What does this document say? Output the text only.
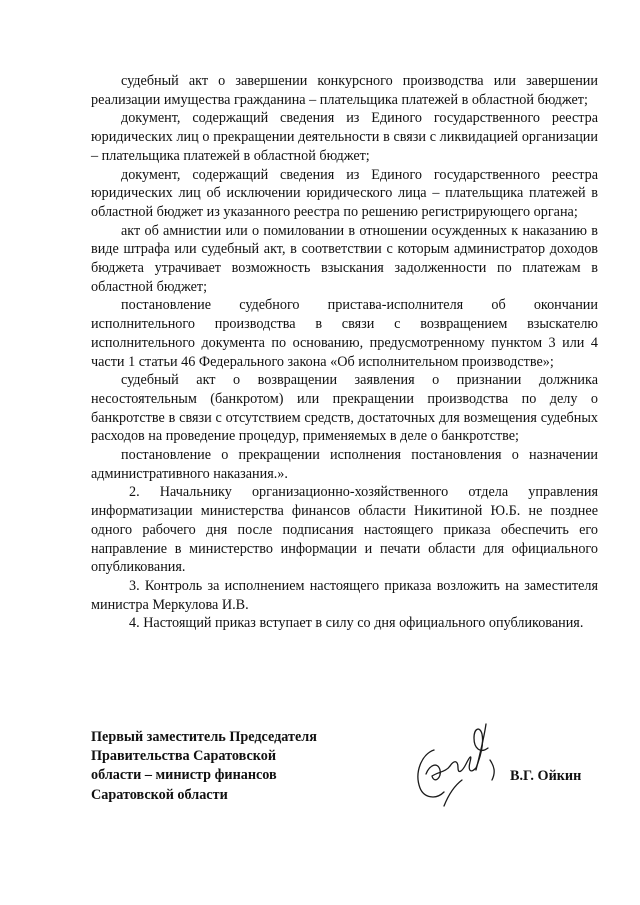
судебный акт о завершении конкурсного производства или завершении реализации имущества гражданина – плательщика платежей в областной бюджет;

документ, содержащий сведения из Единого государственного реестра юридических лиц о прекращении деятельности в связи с ликвидацией организации – плательщика платежей в областной бюджет;

документ, содержащий сведения из Единого государственного реестра юридических лиц об исключении юридического лица – плательщика платежей в областной бюджет из указанного реестра по решению регистрирующего органа;

акт об амнистии или о помиловании в отношении осужденных к наказанию в виде штрафа или судебный акт, в соответствии с которым администратор доходов бюджета утрачивает возможность взыскания задолженности по платежам в областной бюджет;

постановление судебного пристава-исполнителя об окончании исполнительного производства в связи с возвращением взыскателю исполнительного документа по основанию, предусмотренному пунктом 3 или 4 части 1 статьи 46 Федерального закона «Об исполнительном производстве»;

судебный акт о возвращении заявления о признании должника несостоятельным (банкротом) или прекращении производства по делу о банкротстве в связи с отсутствием средств, достаточных для возмещения судебных расходов на проведение процедур, применяемых в деле о банкротстве;

постановление о прекращении исполнения постановления о назначении административного наказания.».

2. Начальнику организационно-хозяйственного отдела управления информатизации министерства финансов области Никитиной Ю.Б. не позднее одного рабочего дня после подписания настоящего приказа обеспечить его направление в министерство информации и печати области для официального опубликования.

3. Контроль за исполнением настоящего приказа возложить на заместителя министра Меркулова И.В.

4. Настоящий приказ вступает в силу со дня официального опубликования.

Первый заместитель Председателя
Правительства Саратовской
области – министр финансов
Саратовской области
В.Г. Ойкин
